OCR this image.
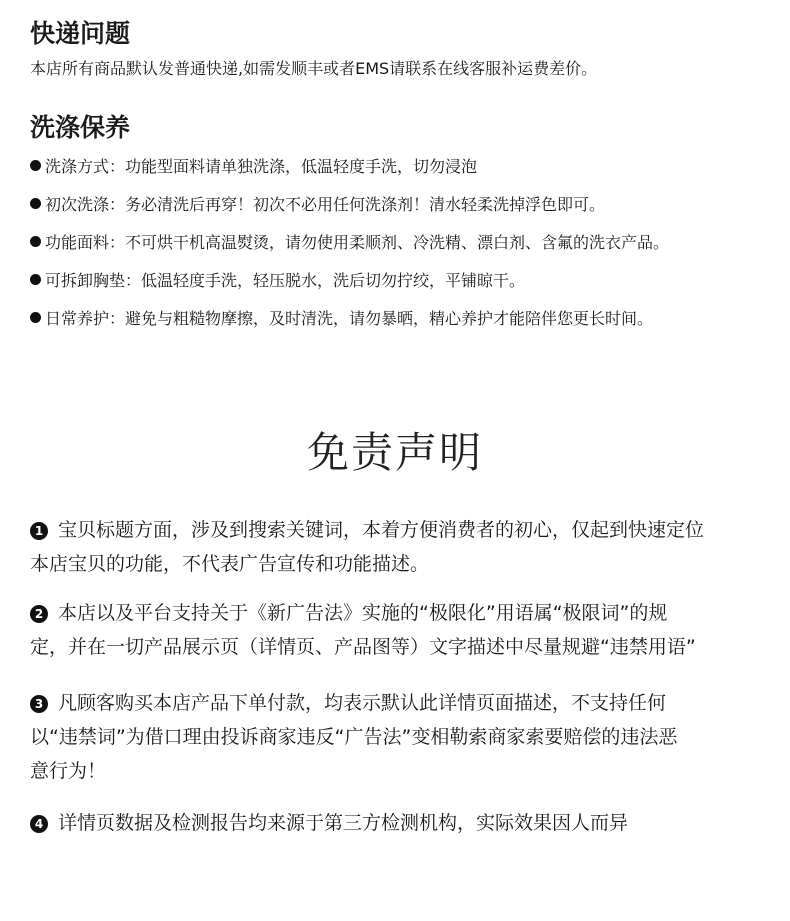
快递问题
本店所有商品默认发普通快递,如需发顺丰或者EMS请联系在线客服补运费差价。
洗涤保养
洗涤方式：功能型面料请单独洗涤，低温轻度手洗，切勿浸泡
初次洗涤：务必清洗后再穿！初次不必用任何洗涤剂！清水轻柔洗掉浮色即可。
功能面料：不可烘干机高温熨烫，请勿使用柔顺剂、冷洗精、漂白剂、含氟的洗衣产品。
可拆卸胸垫：低温轻度手洗，轻压脱水，洗后切勿拧绞，平铺晾干。
日常养护：避免与粗糙物摩擦，及时清洗，请勿暴晒，精心养护才能陪伴您更长时间。
免责声明
1 宝贝标题方面，涉及到搜索关键词，本着方便消费者的初心，仅起到快速定位
本店宝贝的功能，不代表广告宣传和功能描述。
2 本店以及平台支持关于《新广告法》实施的“极限化”用语属“极限词”的规
定，并在一切产品展示页（详情页、产品图等）文字描述中尽量规避“违禁用语”
3 凡顾客购买本店产品下单付款，均表示默认此详情页面描述，不支持任何
以“违禁词”为借口理由投诉商家违反“广告法”变相勒索商家索要赔偿的违法恶
意行为！
4 详情页数据及检测报告均来源于第三方检测机构，实际效果因人而异
